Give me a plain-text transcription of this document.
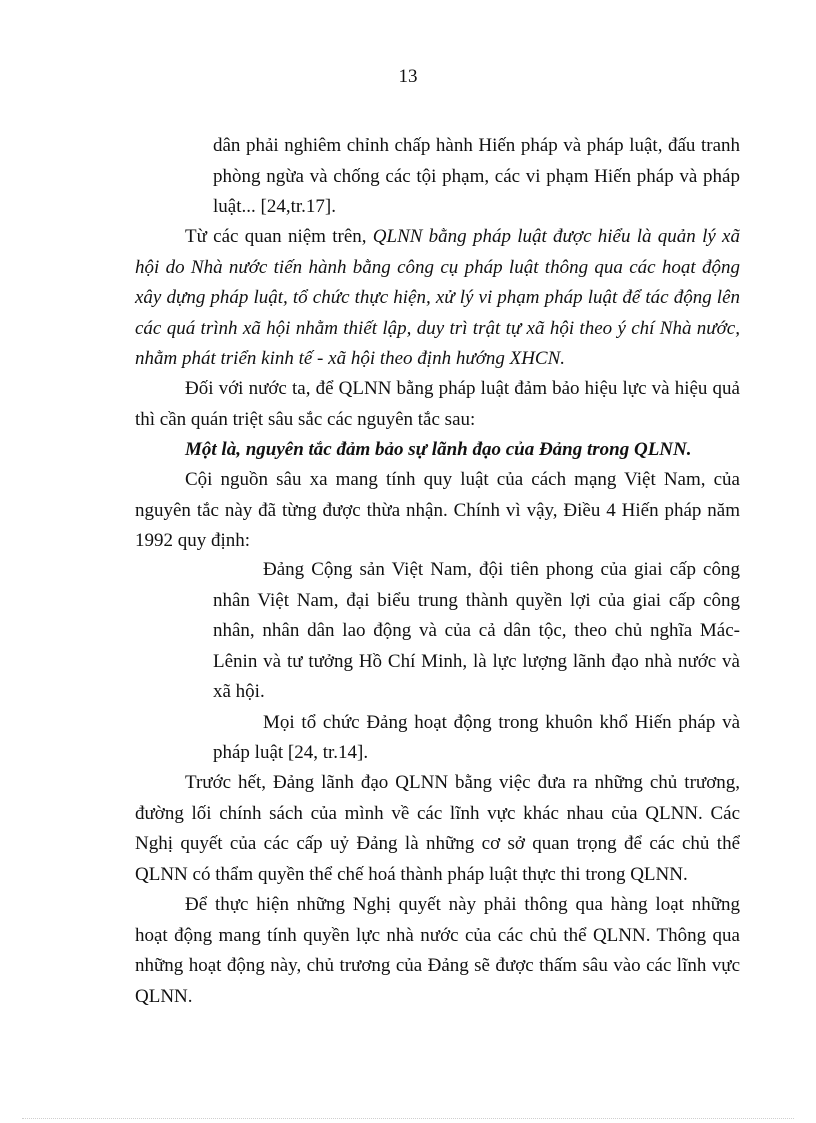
13

dân phải nghiêm chỉnh chấp hành Hiến pháp và pháp luật, đấu tranh phòng ngừa và chống các tội phạm, các vi phạm Hiến pháp và pháp luật... [24,tr.17].

Từ các quan niệm trên, QLNN bằng pháp luật được hiểu là quản lý xã hội do Nhà nước tiến hành bằng công cụ pháp luật thông qua các hoạt động xây dựng pháp luật, tổ chức thực hiện, xử lý vi phạm pháp luật để tác động lên các quá trình xã hội nhằm thiết lập, duy trì trật tự xã hội theo ý chí Nhà nước, nhằm phát triển kinh tế - xã hội theo định hướng XHCN.

Đối với nước ta, để QLNN bằng pháp luật đảm bảo hiệu lực và hiệu quả thì cần quán triệt sâu sắc các nguyên tắc sau:

Một là, nguyên tắc đảm bảo sự lãnh đạo của Đảng trong QLNN.

Cội nguồn sâu xa mang tính quy luật của cách mạng Việt Nam, của nguyên tắc này đã từng được thừa nhận. Chính vì vậy, Điều 4 Hiến pháp năm 1992 quy định:

Đảng Cộng sản Việt Nam, đội tiên phong của giai cấp công nhân Việt Nam, đại biểu trung thành quyền lợi của giai cấp công nhân, nhân dân lao động và của cả dân tộc, theo chủ nghĩa Mác-Lênin và tư tưởng Hồ Chí Minh, là lực lượng lãnh đạo nhà nước và xã hội.

Mọi tổ chức Đảng hoạt động trong khuôn khổ Hiến pháp và pháp luật [24, tr.14].

Trước hết, Đảng lãnh đạo QLNN bằng việc đưa ra những chủ trương, đường lối chính sách của mình về các lĩnh vực khác nhau của QLNN. Các Nghị quyết của các cấp uỷ Đảng là những cơ sở quan trọng để các chủ thể QLNN có thẩm quyền thể chế hoá thành pháp luật thực thi trong QLNN.

Để thực hiện những Nghị quyết này phải thông qua hàng loạt những hoạt động mang tính quyền lực nhà nước của các chủ thể QLNN. Thông qua những hoạt động này, chủ trương của Đảng sẽ được thấm sâu vào các lĩnh vực QLNN.
